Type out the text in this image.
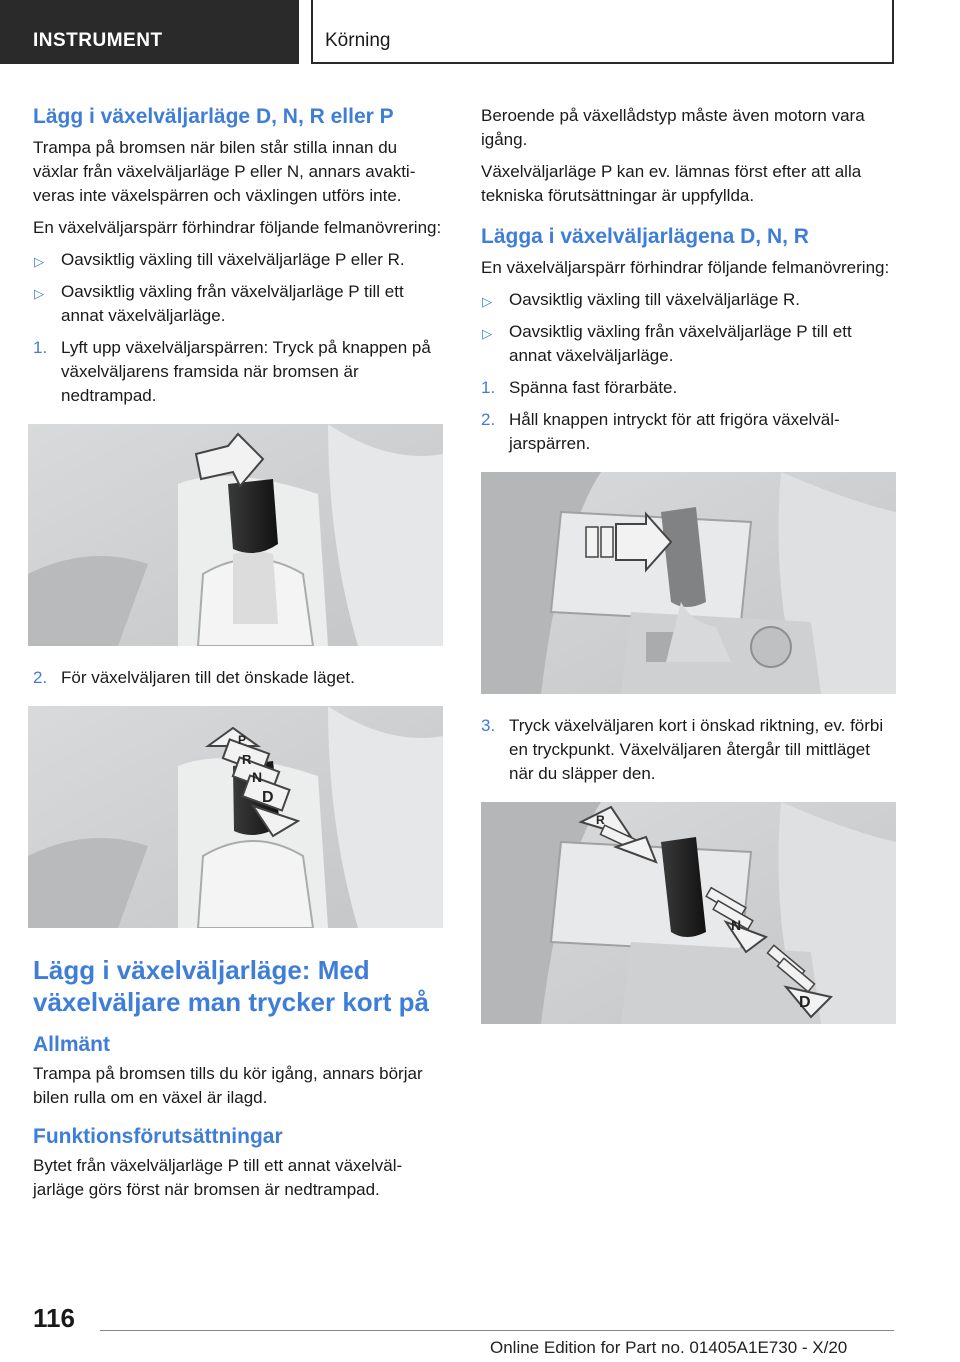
INSTRUMENT	Körning
Lägg i växelväljarläge D, N, R eller P

Trampa på bromsen när bilen står stilla innan du växlar från växelväljarläge P eller N, annars avaktiveras inte växelspärren och växlingen utförs inte.

En växelväljarspärr förhindrar följande felmanövrering:

▷ Oavsiktlig växling till växelväljarläge P eller R.
▷ Oavsiktlig växling från växelväljarläge P till ett annat växelväljarläge.
1. Lyft upp växelväljarspärren: Tryck på knappen på växelväljarens framsida när bromsen är nedtrampad.
2. För växelväljaren till det önskade läget.
P
R
N
D
Lägg i växelväljarläge: Med växelväljare man trycker kort på
Allmänt

Trampa på bromsen tills du kör igång, annars börjar bilen rulla om en växel är ilagd.

Funktionsförutsättningar

Bytet från växelväljarläge P till ett annat växelväljarläge görs först när bromsen är nedtrampad.

Beroende på växellådstyp måste även motorn vara igång.

Växelväljarläge P kan ev. lämnas först efter att alla tekniska förutsättningar är uppfyllda.

Lägga i växelväljarlägena D, N, R

En växelväljarspärr förhindrar följande felmanövrering:

▷ Oavsiktlig växling till växelväljarläge R.
▷ Oavsiktlig växling från växelväljarläge P till ett annat växelväljarläge.
1. Spänna fast förarbäte.
2. Håll knappen intryckt för att frigöra växelväljarspärren.
3. Tryck växelväljaren kort i önskad riktning, ev. förbi en tryckpunkt. Växelväljaren återgår till mittläget när du släpper den.
R
N
D
116
Online Edition for Part no. 01405A1E730 - X/20
